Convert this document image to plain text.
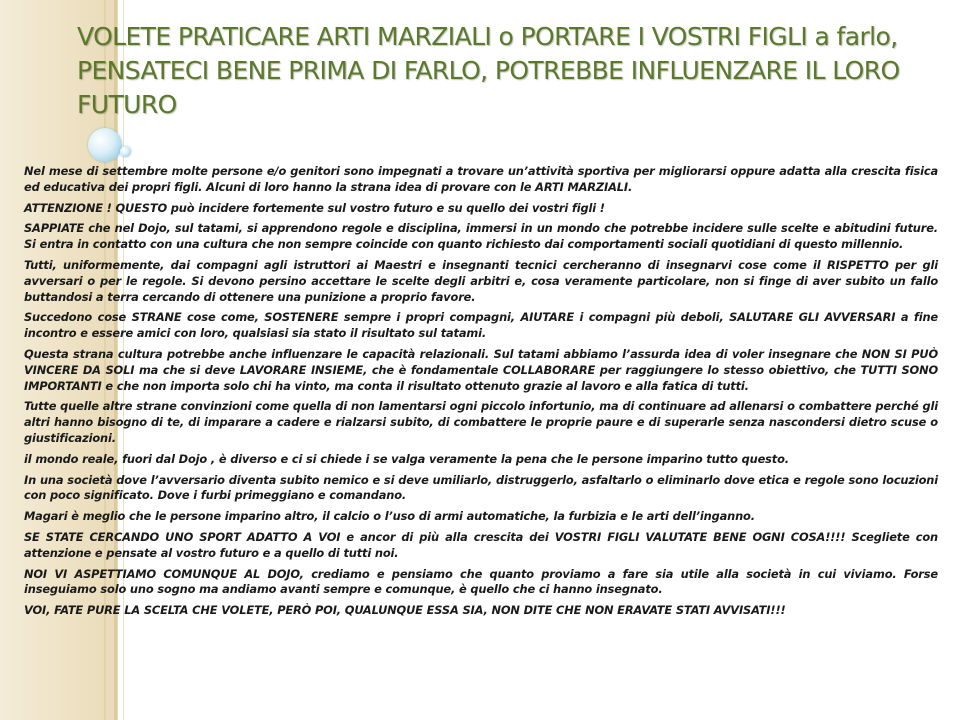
VOLETE PRATICARE ARTI MARZIALI o PORTARE I VOSTRI FIGLI a farlo, PENSATECI BENE PRIMA DI FARLO, POTREBBE INFLUENZARE IL LORO FUTURO

Nel mese di settembre molte persone e/o genitori sono impegnati a trovare un’attività sportiva per migliorarsi oppure adatta alla crescita fisica ed educativa dei propri figli. Alcuni di loro hanno la strana idea di provare con le ARTI MARZIALI.

ATTENZIONE ! QUESTO può incidere fortemente sul vostro futuro e su quello dei vostri figli !

SAPPIATE che nel Dojo, sul tatami, si apprendono regole e disciplina, immersi in un mondo che potrebbe incidere sulle scelte e abitudini future. Si entra in contatto con una cultura che non sempre coincide con quanto richiesto dai comportamenti sociali quotidiani di questo millennio.

Tutti, uniformemente, dai compagni agli istruttori ai Maestri e insegnanti tecnici cercheranno di insegnarvi cose come il RISPETTO per gli avversari o per le regole. Si devono persino accettare le scelte degli arbitri e, cosa veramente particolare, non si finge di aver subito un fallo buttandosi a terra cercando di ottenere una punizione a proprio favore.

Succedono cose STRANE cose come, SOSTENERE sempre i propri compagni, AIUTARE i compagni più deboli, SALUTARE GLI AVVERSARI a fine incontro e essere amici con loro, qualsiasi sia stato il risultato sul tatami.

Questa strana cultura potrebbe anche influenzare le capacità relazionali. Sul tatami abbiamo l’assurda idea di voler insegnare che NON SI PUÒ VINCERE DA SOLI ma che si deve LAVORARE INSIEME, che è fondamentale COLLABORARE per raggiungere lo stesso obiettivo, che TUTTI SONO IMPORTANTI e che non importa solo chi ha vinto, ma conta il risultato ottenuto grazie al lavoro e alla fatica di tutti.

Tutte quelle altre strane convinzioni come quella di non lamentarsi ogni piccolo infortunio, ma di continuare ad allenarsi o combattere perché gli altri hanno bisogno di te, di imparare a cadere e rialzarsi subito, di combattere le proprie paure e di superarle senza nascondersi dietro scuse o giustificazioni.

il mondo reale, fuori dal Dojo , è diverso e ci si chiede i se valga veramente la pena che le persone imparino tutto questo.

In una società dove l’avversario diventa subito nemico e si deve umiliarlo, distruggerlo, asfaltarlo o eliminarlo dove etica e regole sono locuzioni con poco significato. Dove i furbi primeggiano e comandano.

Magari è meglio che le persone imparino altro, il calcio o l’uso di armi automatiche, la furbizia e le arti dell’inganno.

SE STATE CERCANDO UNO SPORT ADATTO A VOI e ancor di più alla crescita dei VOSTRI FIGLI VALUTATE BENE OGNI COSA!!!! Scegliete con attenzione e pensate al vostro futuro e a quello di tutti noi.

NOI VI ASPETTIAMO COMUNQUE AL DOJO, crediamo e pensiamo che quanto proviamo a fare sia utile alla società in cui viviamo. Forse inseguiamo solo uno sogno ma andiamo avanti sempre e comunque, è quello che ci hanno insegnato.

VOI, FATE PURE LA SCELTA CHE VOLETE, PERÒ POI, QUALUNQUE ESSA SIA, NON DITE CHE NON ERAVATE STATI AVVISATI!!!
